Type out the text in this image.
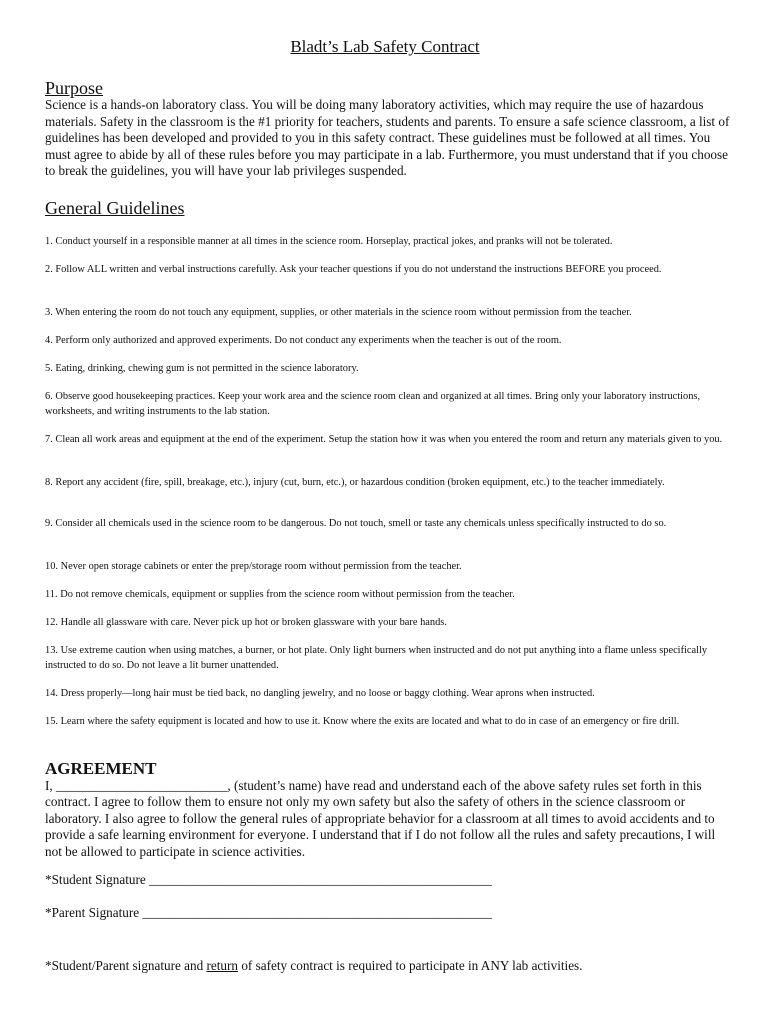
Bladt’s Lab Safety Contract
Purpose
Science is a hands-on laboratory class. You will be doing many laboratory activities, which may require the use of hazardous materials. Safety in the classroom is the #1 priority for teachers, students and parents. To ensure a safe science classroom, a list of guidelines has been developed and provided to you in this safety contract. These guidelines must be followed at all times. You must agree to abide by all of these rules before you may participate in a lab. Furthermore, you must understand that if you choose to break the guidelines, you will have your lab privileges suspended.
General Guidelines
1. Conduct yourself in a responsible manner at all times in the science room. Horseplay, practical jokes, and pranks will not be tolerated.
2. Follow ALL written and verbal instructions carefully. Ask your teacher questions if you do not understand the instructions BEFORE you proceed.
3. When entering the room do not touch any equipment, supplies, or other materials in the science room without permission from the teacher.
4. Perform only authorized and approved experiments. Do not conduct any experiments when the teacher is out of the room.
5. Eating, drinking, chewing gum is not permitted in the science laboratory.
6. Observe good housekeeping practices. Keep your work area and the science room clean and organized at all times. Bring only your laboratory instructions, worksheets, and writing instruments to the lab station.
7. Clean all work areas and equipment at the end of the experiment. Setup the station how it was when you entered the room and return any materials given to you.
8. Report any accident (fire, spill, breakage, etc.), injury (cut, burn, etc.), or hazardous condition (broken equipment, etc.) to the teacher immediately.
9. Consider all chemicals used in the science room to be dangerous. Do not touch, smell or taste any chemicals unless specifically instructed to do so.
10. Never open storage cabinets or enter the prep/storage room without permission from the teacher.
11. Do not remove chemicals, equipment or supplies from the science room without permission from the teacher.
12. Handle all glassware with care. Never pick up hot or broken glassware with your bare hands.
13. Use extreme caution when using matches, a burner, or hot plate. Only light burners when instructed and do not put anything into a flame unless specifically instructed to do so. Do not leave a lit burner unattended.
14. Dress properly—long hair must be tied back, no dangling jewelry, and no loose or baggy clothing. Wear aprons when instructed.
15. Learn where the safety equipment is located and how to use it. Know where the exits are located and what to do in case of an emergency or fire drill.
AGREEMENT
I, __________________________, (student’s name) have read and understand each of the above safety rules set forth in this contract. I agree to follow them to ensure not only my own safety but also the safety of others in the science classroom or laboratory. I also agree to follow the general rules of appropriate behavior for a classroom at all times to avoid accidents and to provide a safe learning environment for everyone. I understand that if I do not follow all the rules and safety precautions, I will not be allowed to participate in science activities.
*Student Signature ____________________________________________________
*Parent Signature _____________________________________________________
*Student/Parent signature and return of safety contract is required to participate in ANY lab activities.
